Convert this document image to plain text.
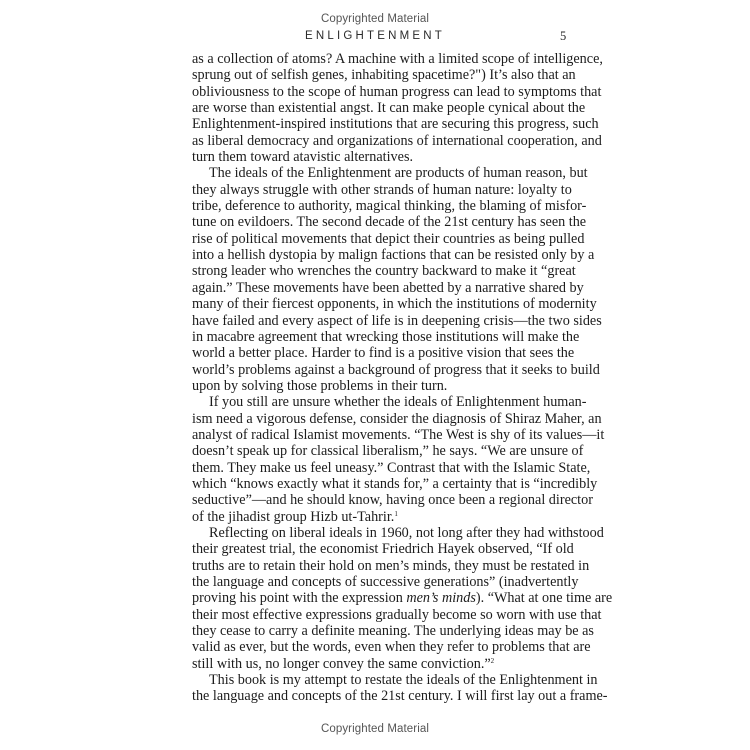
Copyrighted Material
ENLIGHTENMENT	5
as a collection of atoms? A machine with a limited scope of intelligence,
sprung out of selfish genes, inhabiting spacetime?") It’s also that an
obliviousness to the scope of human progress can lead to symptoms that
are worse than existential angst. It can make people cynical about the
Enlightenment-inspired institutions that are securing this progress, such
as liberal democracy and organizations of international cooperation, and
turn them toward atavistic alternatives.
The ideals of the Enlightenment are products of human reason, but
they always struggle with other strands of human nature: loyalty to
tribe, deference to authority, magical thinking, the blaming of misfor-
tune on evildoers. The second decade of the 21st century has seen the
rise of political movements that depict their countries as being pulled
into a hellish dystopia by malign factions that can be resisted only by a
strong leader who wrenches the country backward to make it “great
again.” These movements have been abetted by a narrative shared by
many of their fiercest opponents, in which the institutions of modernity
have failed and every aspect of life is in deepening crisis—the two sides
in macabre agreement that wrecking those institutions will make the
world a better place. Harder to find is a positive vision that sees the
world’s problems against a background of progress that it seeks to build
upon by solving those problems in their turn.
If you still are unsure whether the ideals of Enlightenment human-
ism need a vigorous defense, consider the diagnosis of Shiraz Maher, an
analyst of radical Islamist movements. “The West is shy of its values—it
doesn’t speak up for classical liberalism,” he says. “We are unsure of
them. They make us feel uneasy.” Contrast that with the Islamic State,
which “knows exactly what it stands for,” a certainty that is “incredibly
seductive”—and he should know, having once been a regional director
of the jihadist group Hizb ut-Tahrir.$^1$
Reflecting on liberal ideals in 1960, not long after they had withstood
their greatest trial, the economist Friedrich Hayek observed, “If old
truths are to retain their hold on men’s minds, they must be restated in
the language and concepts of successive generations” (inadvertently
proving his point with the expression men’s minds). “What at one time are
their most effective expressions gradually become so worn with use that
they cease to carry a definite meaning. The underlying ideas may be as
valid as ever, but the words, even when they refer to problems that are
still with us, no longer convey the same conviction.”$^2$
This book is my attempt to restate the ideals of the Enlightenment in
the language and concepts of the 21st century. I will first lay out a frame-
Copyrighted Material
